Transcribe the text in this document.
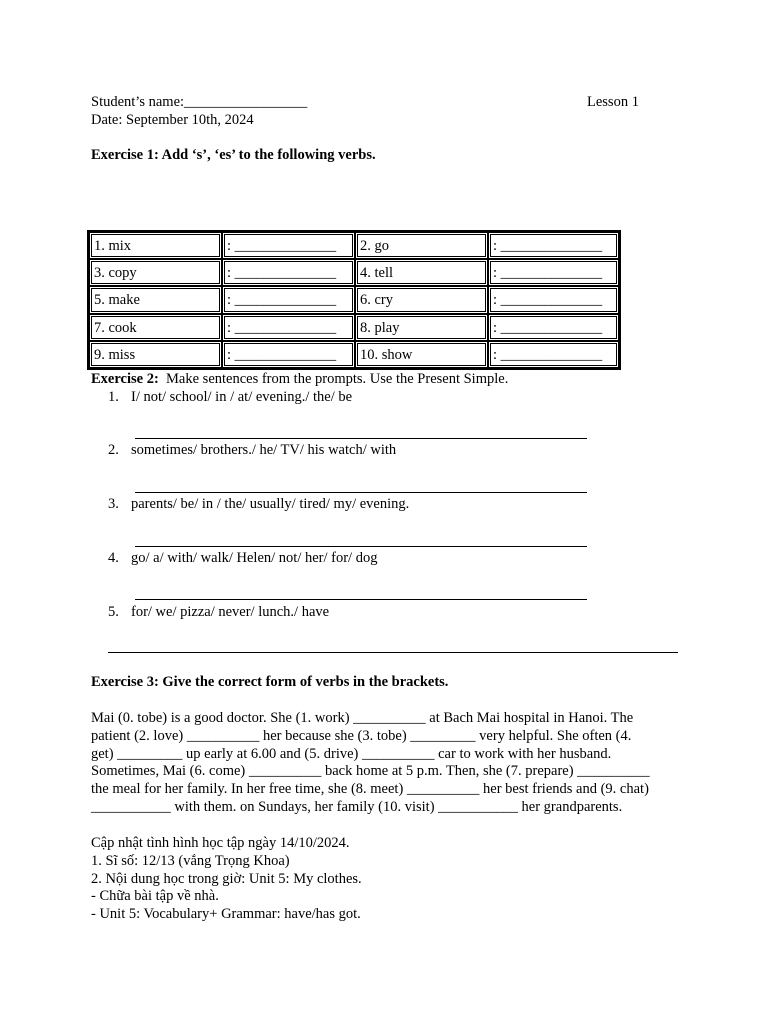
Student’s name:_________________	Lesson 1
Date: September 10th, 2024
Exercise 1: Add ‘s’, ‘es’ to the following verbs.
1. mix	: ______________	2. go	: ______________
3. copy	: ______________	4. tell	: ______________
5. make	: ______________	6. cry	: ______________
7. cook	: ______________	8. play	: ______________
9. miss	: ______________	10. show	: ______________
Exercise 2:  Make sentences from the prompts. Use the Present Simple.
1. I/ not/ school/ in / at/ evening./ the/ be
2. sometimes/ brothers./ he/ TV/ his watch/ with
3. parents/ be/ in / the/ usually/ tired/ my/ evening.
4. go/ a/ with/ walk/ Helen/ not/ her/ for/ dog
5. for/ we/ pizza/ never/ lunch./ have
Exercise 3: Give the correct form of verbs in the brackets.
Mai (0. tobe) is a good doctor. She (1. work) __________ at Bach Mai hospital in Hanoi. The
patient (2. love) __________ her because she (3. tobe) _________ very helpful. She often (4.
get) _________ up early at 6.00 and (5. drive) __________ car to work with her husband.
Sometimes, Mai (6. come) __________ back home at 5 p.m. Then, she (7. prepare) __________
the meal for her family. In her free time, she (8. meet) __________ her best friends and (9. chat)
___________ with them. on Sundays, her family (10. visit) ___________ her grandparents.
Cập nhật tình hình học tập ngày 14/10/2024.
1. Sĩ số: 12/13 (vắng Trọng Khoa)
2. Nội dung học trong giờ: Unit 5: My clothes.
- Chữa bài tập về nhà.
- Unit 5: Vocabulary+ Grammar: have/has got.
